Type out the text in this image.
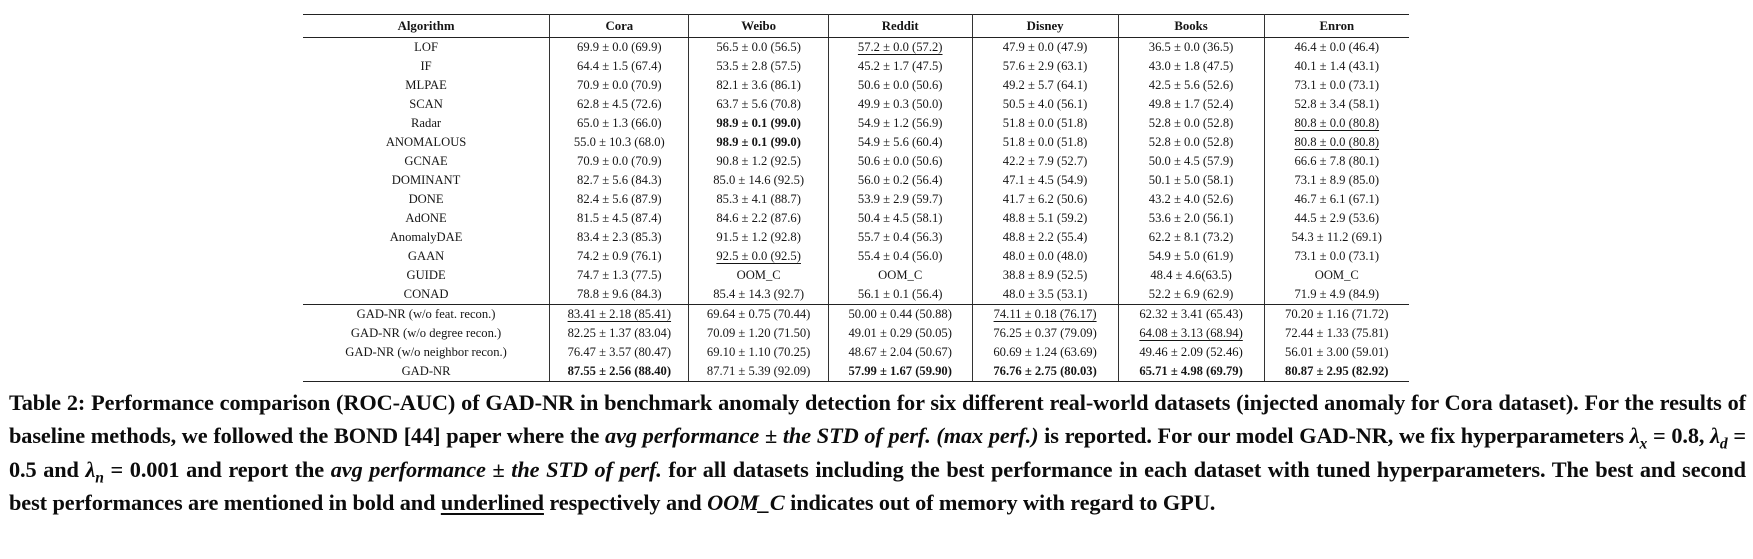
Algorithm	Cora	Weibo	Reddit	Disney	Books	Enron
LOF	69.9 ± 0.0 (69.9)	56.5 ± 0.0 (56.5)	57.2 ± 0.0 (57.2)	47.9 ± 0.0 (47.9)	36.5 ± 0.0 (36.5)	46.4 ± 0.0 (46.4)
IF	64.4 ± 1.5 (67.4)	53.5 ± 2.8 (57.5)	45.2 ± 1.7 (47.5)	57.6 ± 2.9 (63.1)	43.0 ± 1.8 (47.5)	40.1 ± 1.4 (43.1)
MLPAE	70.9 ± 0.0 (70.9)	82.1 ± 3.6 (86.1)	50.6 ± 0.0 (50.6)	49.2 ± 5.7 (64.1)	42.5 ± 5.6 (52.6)	73.1 ± 0.0 (73.1)
SCAN	62.8 ± 4.5 (72.6)	63.7 ± 5.6 (70.8)	49.9 ± 0.3 (50.0)	50.5 ± 4.0 (56.1)	49.8 ± 1.7 (52.4)	52.8 ± 3.4 (58.1)
Radar	65.0 ± 1.3 (66.0)	98.9 ± 0.1 (99.0)	54.9 ± 1.2 (56.9)	51.8 ± 0.0 (51.8)	52.8 ± 0.0 (52.8)	80.8 ± 0.0 (80.8)
ANOMALOUS	55.0 ± 10.3 (68.0)	98.9 ± 0.1 (99.0)	54.9 ± 5.6 (60.4)	51.8 ± 0.0 (51.8)	52.8 ± 0.0 (52.8)	80.8 ± 0.0 (80.8)
GCNAE	70.9 ± 0.0 (70.9)	90.8 ± 1.2 (92.5)	50.6 ± 0.0 (50.6)	42.2 ± 7.9 (52.7)	50.0 ± 4.5 (57.9)	66.6 ± 7.8 (80.1)
DOMINANT	82.7 ± 5.6 (84.3)	85.0 ± 14.6 (92.5)	56.0 ± 0.2 (56.4)	47.1 ± 4.5 (54.9)	50.1 ± 5.0 (58.1)	73.1 ± 8.9 (85.0)
DONE	82.4 ± 5.6 (87.9)	85.3 ± 4.1 (88.7)	53.9 ± 2.9 (59.7)	41.7 ± 6.2 (50.6)	43.2 ± 4.0 (52.6)	46.7 ± 6.1 (67.1)
AdONE	81.5 ± 4.5 (87.4)	84.6 ± 2.2 (87.6)	50.4 ± 4.5 (58.1)	48.8 ± 5.1 (59.2)	53.6 ± 2.0 (56.1)	44.5 ± 2.9 (53.6)
AnomalyDAE	83.4 ± 2.3 (85.3)	91.5 ± 1.2 (92.8)	55.7 ± 0.4 (56.3)	48.8 ± 2.2 (55.4)	62.2 ± 8.1 (73.2)	54.3 ± 11.2 (69.1)
GAAN	74.2 ± 0.9 (76.1)	92.5 ± 0.0 (92.5)	55.4 ± 0.4 (56.0)	48.0 ± 0.0 (48.0)	54.9 ± 5.0 (61.9)	73.1 ± 0.0 (73.1)
GUIDE	74.7 ± 1.3 (77.5)	OOM_C	OOM_C	38.8 ± 8.9 (52.5)	48.4 ± 4.6(63.5)	OOM_C
CONAD	78.8 ± 9.6 (84.3)	85.4 ± 14.3 (92.7)	56.1 ± 0.1 (56.4)	48.0 ± 3.5 (53.1)	52.2 ± 6.9 (62.9)	71.9 ± 4.9 (84.9)
GAD-NR (w/o feat. recon.)	83.41 ± 2.18 (85.41)	69.64 ± 0.75 (70.44)	50.00 ± 0.44 (50.88)	74.11 ± 0.18 (76.17)	62.32 ± 3.41 (65.43)	70.20 ± 1.16 (71.72)
GAD-NR (w/o degree recon.)	82.25 ± 1.37 (83.04)	70.09 ± 1.20 (71.50)	49.01 ± 0.29 (50.05)	76.25 ± 0.37 (79.09)	64.08 ± 3.13 (68.94)	72.44 ± 1.33 (75.81)
GAD-NR (w/o neighbor recon.)	76.47 ± 3.57 (80.47)	69.10 ± 1.10 (70.25)	48.67 ± 2.04 (50.67)	60.69 ± 1.24 (63.69)	49.46 ± 2.09 (52.46)	56.01 ± 3.00 (59.01)
GAD-NR	87.55 ± 2.56 (88.40)	87.71 ± 5.39 (92.09)	57.99 ± 1.67 (59.90)	76.76 ± 2.75 (80.03)	65.71 ± 4.98 (69.79)	80.87 ± 2.95 (82.92)
Table 2: Performance comparison (ROC-AUC) of GAD-NR in benchmark anomaly detection for six different real-world datasets (injected anomaly for Cora dataset). For the results of baseline methods, we followed the BOND [44] paper where the avg performance ± the STD of perf. (max perf.) is reported. For our model GAD-NR, we fix hyperparameters $\lambda_x = 0.8$, $\lambda_d = 0.5$ and $\lambda_n = 0.001$ and report the avg performance ± the STD of perf. for all datasets including the best performance in each dataset with tuned hyperparameters. The best and second best performances are mentioned in bold and underlined respectively and OOM_C indicates out of memory with regard to GPU.
